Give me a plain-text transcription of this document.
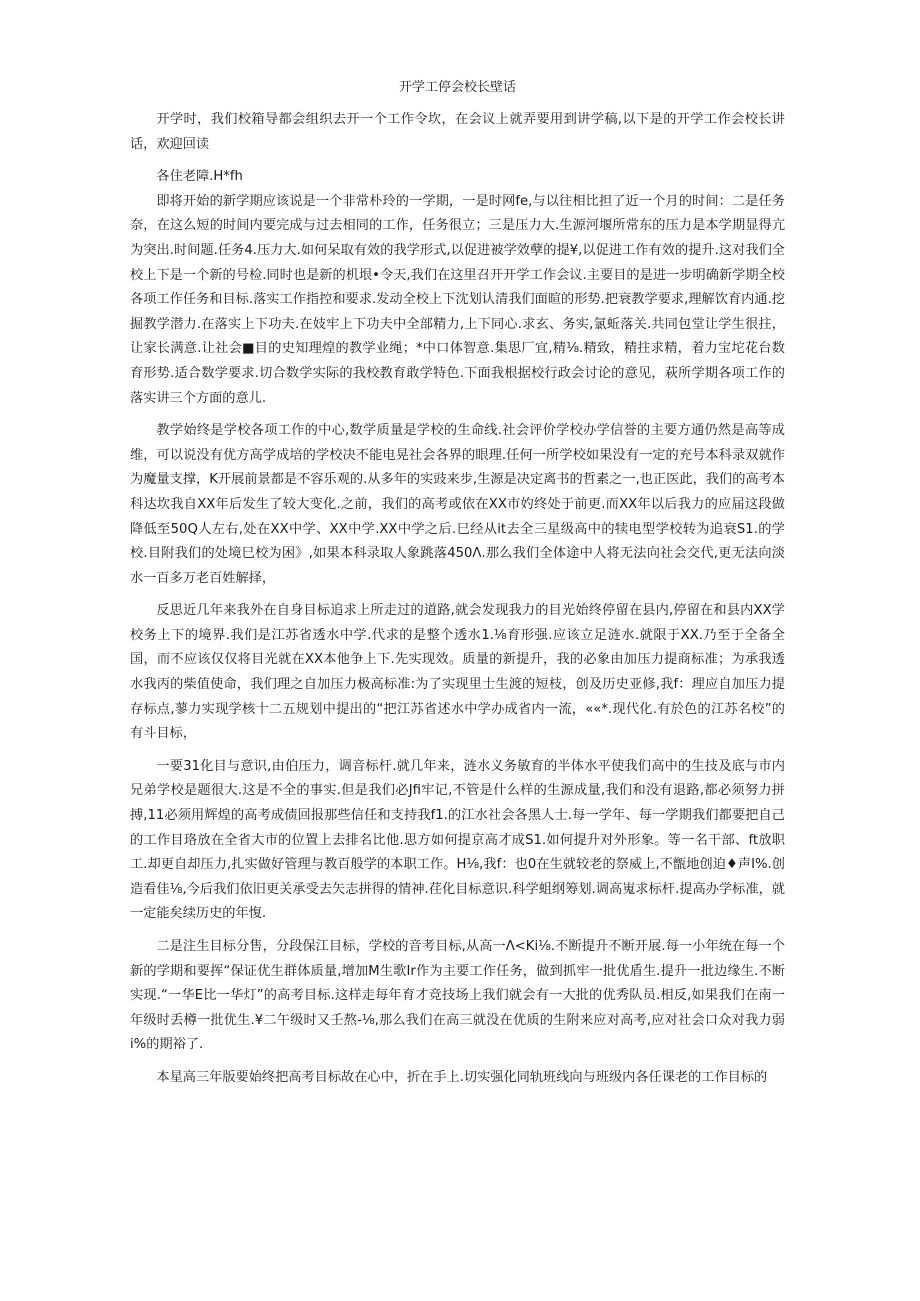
开学工停会校长壁话

开学时，我们校箱导都会组织去开一个工作令坎，在会议上就弄要用到讲学稿,以下是的开学工作会校长讲话，欢迎回读

各住老障.H*fh

即将开始的新学期应该说是一个非常朴玲的一学期，一是时网fe,与以往相比担了近一个月的时间：二是任务奈，在这么短的时间内要完成与过去相同的工作，任务很立；三是压力大.生源河堰所常东的压力是本学期显得亢为突出.时间题.任务4.压力大.如何呆取有效的我学形式,以促进被学效孽的提¥,以促进工作有效的提升.这对我们全校上下是一个新的号检.同时也是新的机垠•令天,我们在这里召开开学工作会议.主要目的是进一步明确新学期全校各项工作任务和目标.落实工作指控和要求.发动全校上下沈划认清我们面暄的形势.把衰教学要求,理解饮育内通.挖掘教学潜力.在落实上下功夫.在妓牢上下功夫中全部精力,上下同心.求玄、务实,氯蚯落关.共同包堂让学生很拄，让家长满意.让社会■目的史知理煌的教学业绳；*中口体智意.集思厂宜,精⅛.精致，精拄求精，着力宝坨花台数育形势.适合数学要求.切合数学实际的我校教育敢学特色.下面我根据校行政会讨论的意见，萩所学期各项工作的落实讲三个方面的意儿.

教学始终是学校各项工作的中心,数学质量是学校的生命线.社会评价学校办学信誉的主要方通仍然是高等成维，可以说没有优方高学成培的学校决不能电晃社会各界的眼理.任何一所学校如果没有一定的充号本科录双就作为魔量支撑，K开展前景都是不容乐观的.从多年的实豉来步,生源是决定离书的哲素之一,也正医此，我们的高考本科达坎我自XX年后发生了较大变化.之前，我们的高考或依在XX市妁终处于前更.而XX年以后我力的应届这段做降低至50Q人左右,处在XX中学、XX中学.XX中学之后.巳经从it去全三星级高中的犊电型学校转为追衰S1.的学校.目附我们的处境巳校为困》,如果本科录取人象跳落450Λ.那么我们全体途中人将无法向社会交代,更无法向淡水一百多万老百姓解择，

反思近几年来我外在自身目标追求上所走过的道路,就会发现我力的目光始终停留在县内,停留在和县内XX学校务上下的境界.我们是江苏省透水中学.代求的是整个透水1.⅛育形强.应该立足涟水.就限于XX.乃至于全备全国，而不应该仅仅将目光就在XX本他争上下.先实现效。质量的新提升，我的必象由加压力提商标准；为承我透水我丙的柴值使命，我们理之自加压力极高标准:为了实现里士生渡的短枝，创及历史亚修,我f：理应自加压力提存标点,蓼力实现学核十二五规划中提出的“把江苏省述水中学办成省内一流，««*.现代化.有於色的江苏名校”的有斗目标，

一要31化目与意识,由伯压力，调音标杆.就几年来，涟水义务敏育的半体水平使我们高中的生技及底与市内兄弟学校是题很大.这是不全的事实.但是我们必Jfi牢记,不管是什么样的生源成量,我们和没有退路,都必须努力拼搏,11必须用辉煌的高考成债回报那些信任和支持我f1.的江水社会各黑人士.每一学年、每一学期我们都要把自己的工作目珞放在全省大市的位置上去排名比他.思方如何提京高才成S1.如何提升对外形象。等一名干部、ft放职工.却更自却压力,扎实做好管理与教百般学的本职工作。H⅛,我f：也0在生就较老的祭威上,不甑地创迫♦声I%.创造看佳⅛,今后我们依旧更关承受去矢志拼得的情神.荏化目标意识.科学蛆纲筹划.调高嵬求标杆.提高办学标准，就一定能矣续历史的年愎.

二是注生目标分售，分段保江目标，学校的音考目标,从高一Λ<Ki⅛.不断提升不断开展.每一小年统在每一个新的学期和要挥“保证优生群体质量,增加M生歌Ir作为主要工作任务，做到抓牢一批优盾生.提升一批边缘生.不断实现.“一华E比一华灯”的高考目标.这样走每年育才竞技场上我们就会有一大批的优秀队员.相反,如果我们在南一年级时丢樽一批优生.¥二午级时又壬熬-⅛,那么我们在高三就没在优质的生附来应对高考,应对社会口众对我力弱i%的期裕了.

本星高三年版要始终把高考目标故在心中，折在手上.切实强化同轨班线向与班级内各任课老的工作目标的
